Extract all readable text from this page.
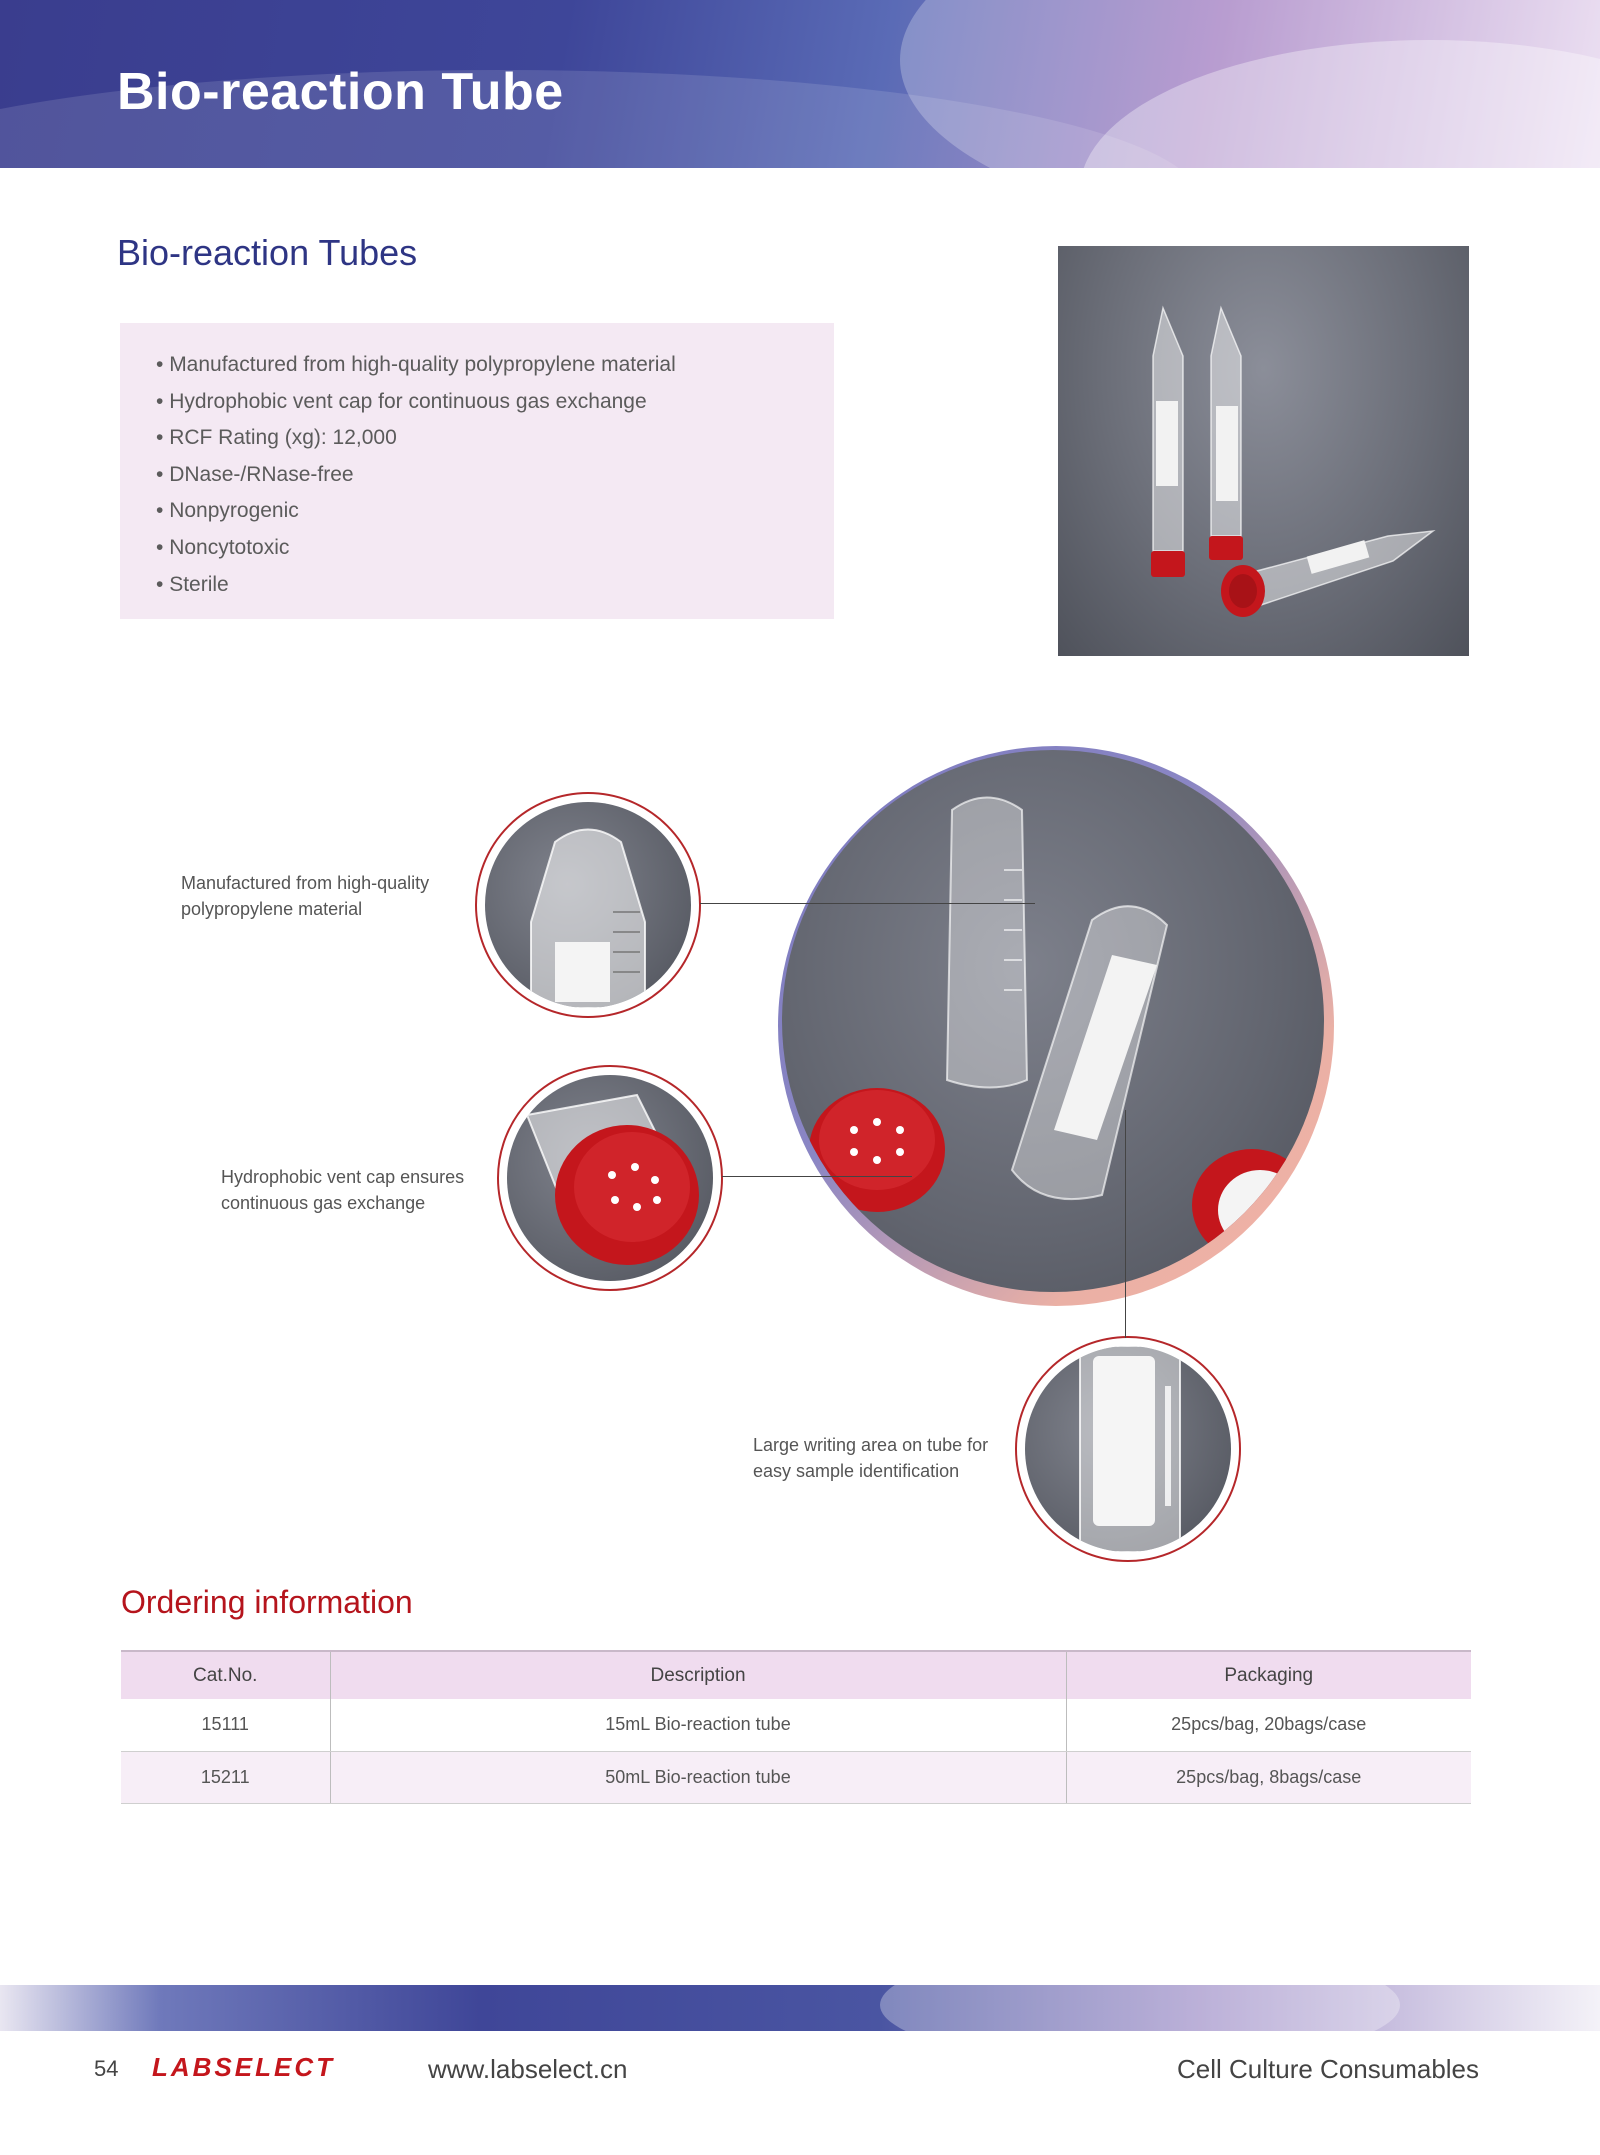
Bio-reaction Tube
Bio-reaction Tubes
• Manufactured from high-quality polypropylene material
• Hydrophobic vent cap for continuous gas exchange
• RCF Rating (xg): 12,000
• DNase-/RNase-free
• Nonpyrogenic
• Noncytotoxic
• Sterile

Manufactured from high-quality
polypropylene material

Hydrophobic vent cap ensures
continuous gas exchange

Large writing area on tube for
easy sample identification

Ordering information
Cat.No.	Description	Packaging
15111	15mL Bio-reaction tube	25pcs/bag, 20bags/case
15211	50mL Bio-reaction tube	25pcs/bag, 8bags/case
54 LABSELECT	www.labselect.cn	Cell Culture Consumables
